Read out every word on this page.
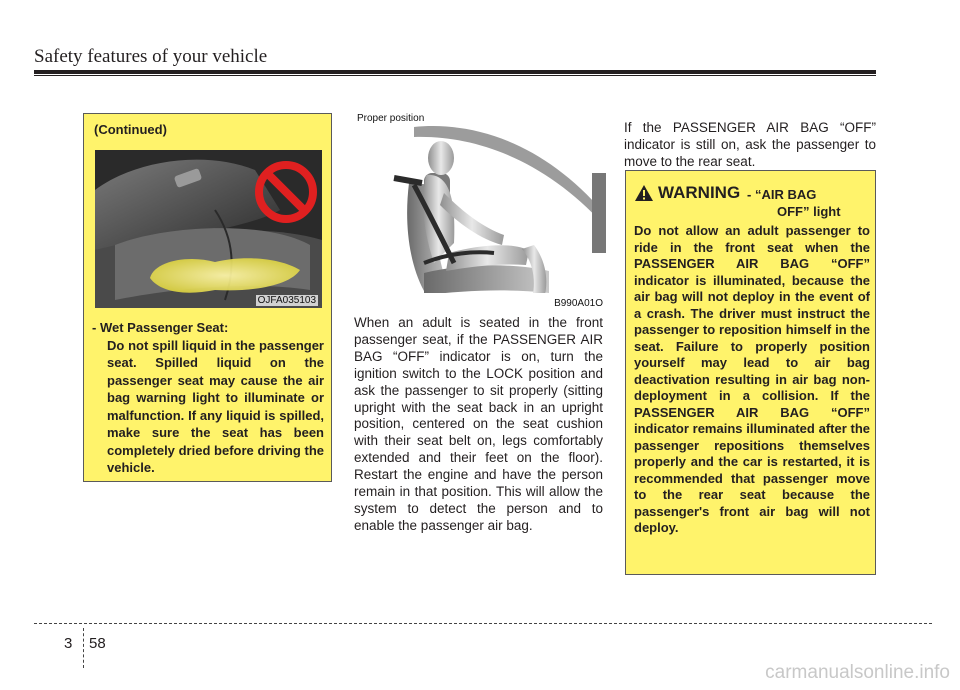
Safety features of your vehicle
(Continued)
OJFA035103
- Wet Passenger Seat:
Do not spill liquid in the passenger seat. Spilled liquid on the passenger seat may cause the air bag warning light to illuminate or malfunction. If any liquid is spilled, make sure the seat has been completely dried before driving the vehicle.
Proper position
B990A01O
When an adult is seated in the front passenger seat, if the PASSENGER AIR BAG “OFF” indicator is on, turn the ignition switch to the LOCK position and ask the passenger to sit properly (sitting upright with the seat back in an upright position, centered on the seat cushion with their seat belt on, legs comfortably extended and their feet on the floor). Restart the engine and have the person remain in that position. This will allow the system to detect the person and to enable the passenger air bag.
If the PASSENGER AIR BAG “OFF” indicator is still on, ask the passenger to move to the rear seat.
WARNING - “AIR BAG
OFF” light
Do not allow an adult passenger to ride in the front seat when the PASSENGER AIR BAG “OFF” indicator is illuminated, because the air bag will not deploy in the event of a crash. The driver must instruct the passenger to reposition himself in the seat. Failure to properly position yourself may lead to air bag deactivation resulting in air bag non-deployment in a collision. If the PASSENGER AIR BAG “OFF” indicator remains illuminated after the passenger repositions themselves properly and the car is restarted, it is recommended that passenger move to the rear seat because the passenger's front air bag will not deploy.
3 58
carmanualsonline.info
